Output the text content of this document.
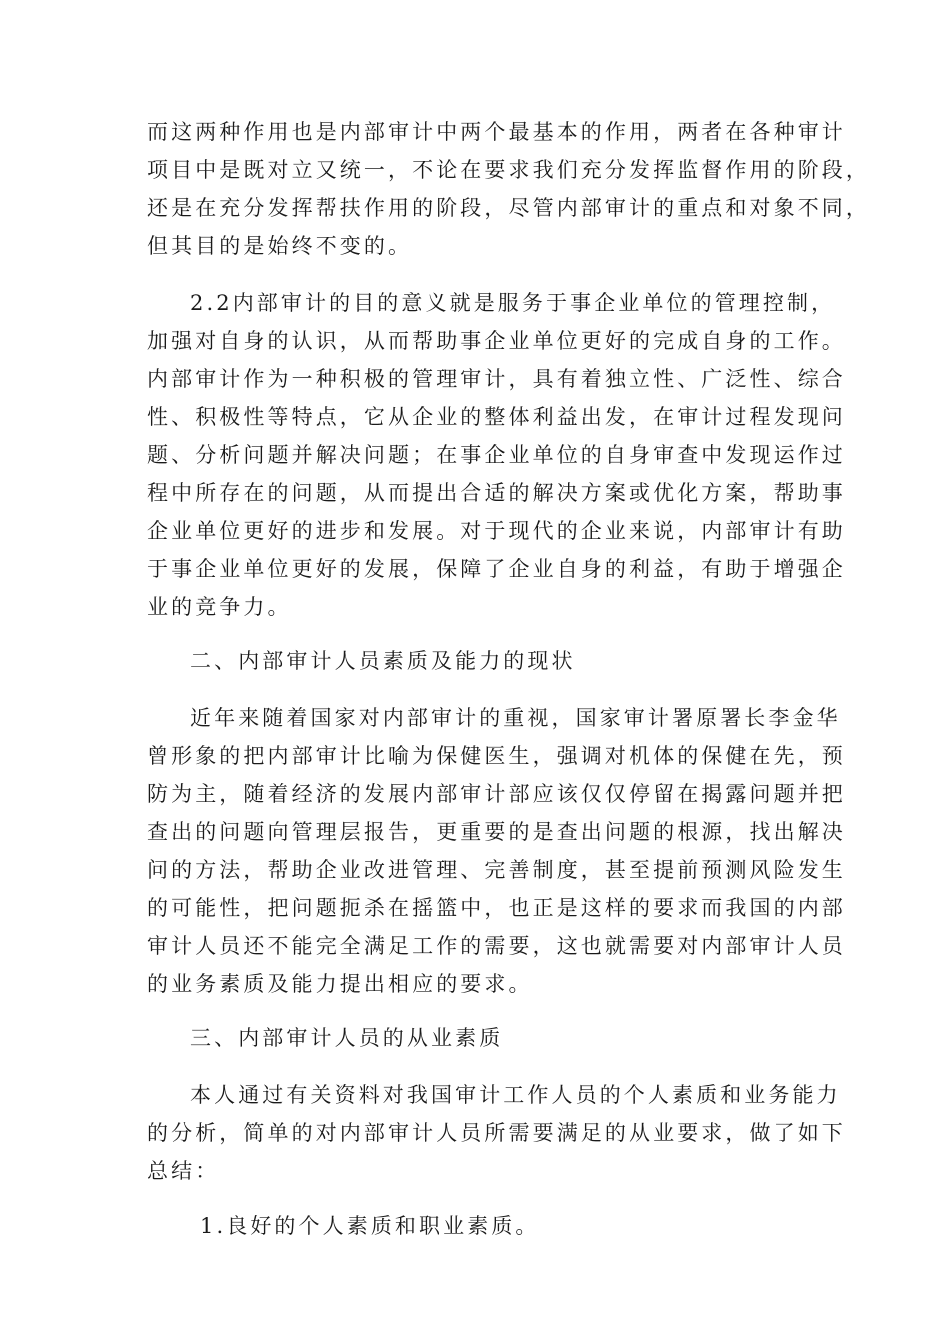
而这两种作用也是内部审计中两个最基本的作用，两者在各种审计
项目中是既对立又统一，不论在要求我们充分发挥监督作用的阶段，
还是在充分发挥帮扶作用的阶段，尽管内部审计的重点和对象不同，
但其目的是始终不变的。
2.2内部审计的目的意义就是服务于事企业单位的管理控制，
加强对自身的认识，从而帮助事企业单位更好的完成自身的工作。
内部审计作为一种积极的管理审计，具有着独立性、广泛性、综合
性、积极性等特点，它从企业的整体利益出发，在审计过程发现问
题、分析问题并解决问题；在事企业单位的自身审查中发现运作过
程中所存在的问题，从而提出合适的解决方案或优化方案，帮助事
企业单位更好的进步和发展。对于现代的企业来说，内部审计有助
于事企业单位更好的发展，保障了企业自身的利益，有助于增强企
业的竞争力。
二、内部审计人员素质及能力的现状
近年来随着国家对内部审计的重视，国家审计署原署长李金华
曾形象的把内部审计比喻为保健医生，强调对机体的保健在先，预
防为主，随着经济的发展内部审计部应该仅仅停留在揭露问题并把
查出的问题向管理层报告，更重要的是查出问题的根源，找出解决
问的方法，帮助企业改进管理、完善制度，甚至提前预测风险发生
的可能性，把问题扼杀在摇篮中，也正是这样的要求而我国的内部
审计人员还不能完全满足工作的需要，这也就需要对内部审计人员
的业务素质及能力提出相应的要求。
三、内部审计人员的从业素质
本人通过有关资料对我国审计工作人员的个人素质和业务能力
的分析，简单的对内部审计人员所需要满足的从业要求，做了如下
总结：
1.良好的个人素质和职业素质。
